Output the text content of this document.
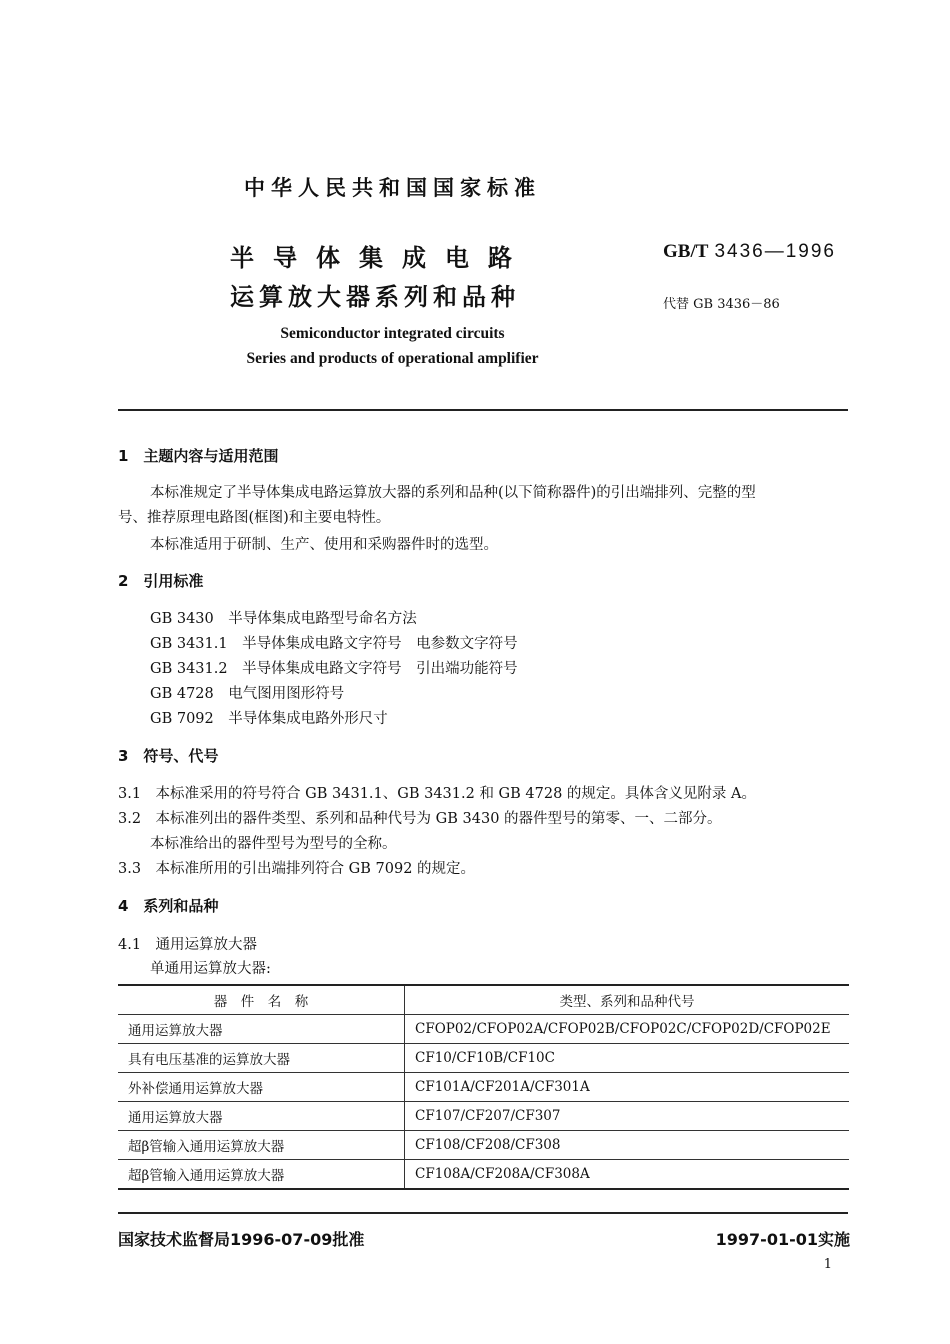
中华人民共和国国家标准
半导体集成电路
运算放大器系列和品种
GB/T 3436—1996
代替 GB 3436－86
Semiconductor integrated circuits
Series and products of operational amplifier
1　主题内容与适用范围
本标准规定了半导体集成电路运算放大器的系列和品种(以下简称器件)的引出端排列、完整的型
号、推荐原理电路图(框图)和主要电特性。
本标准适用于研制、生产、使用和采购器件时的选型。
2　引用标准
GB 3430　半导体集成电路型号命名方法
GB 3431.1　半导体集成电路文字符号　电参数文字符号
GB 3431.2　半导体集成电路文字符号　引出端功能符号
GB 4728　电气图用图形符号
GB 7092　半导体集成电路外形尺寸
3　符号、代号
3.1　本标准采用的符号符合 GB 3431.1、GB 3431.2 和 GB 4728 的规定。具体含义见附录 A。
3.2　本标准列出的器件类型、系列和品种代号为 GB 3430 的器件型号的第零、一、二部分。
本标准给出的器件型号为型号的全称。
3.3　本标准所用的引出端排列符合 GB 7092 的规定。
4　系列和品种
4.1　通用运算放大器
单通用运算放大器:
器　件　名　称	类型、系列和品种代号
通用运算放大器	CFOP02/CFOP02A/CFOP02B/CFOP02C/CFOP02D/CFOP02E
具有电压基准的运算放大器	CF10/CF10B/CF10C
外补偿通用运算放大器	CF101A/CF201A/CF301A
通用运算放大器	CF107/CF207/CF307
超β管输入通用运算放大器	CF108/CF208/CF308
超β管输入通用运算放大器	CF108A/CF208A/CF308A
国家技术监督局1996-07-09批准	1997-01-01实施
1
